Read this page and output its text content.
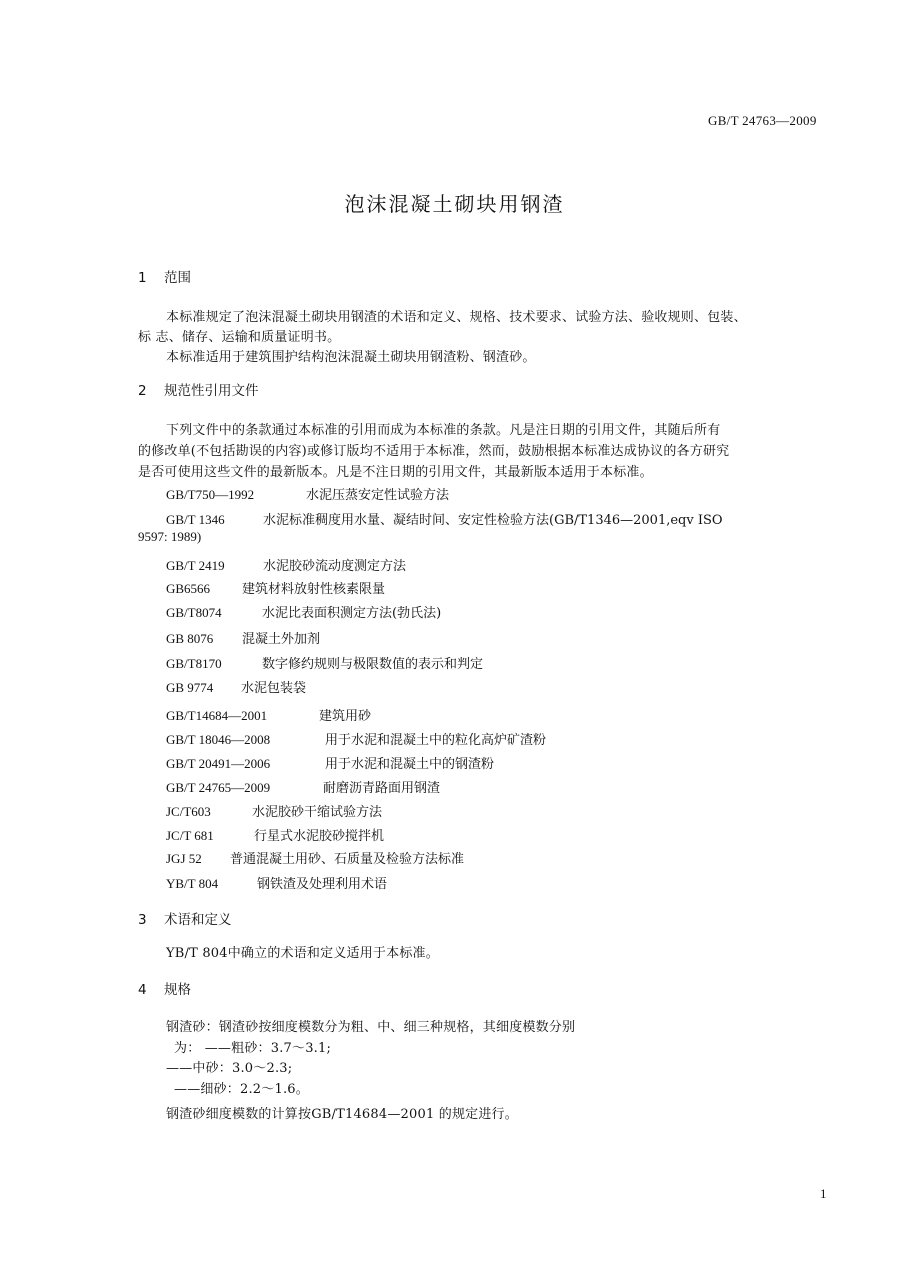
GB/T 24763—2009
泡沫混凝土砌块用钢渣
1 范围
本标准规定了泡沫混凝土砌块用钢渣的术语和定义、规格、技术要求、试验方法、验收规则、包装、
标 志、储存、运输和质量证明书。
本标准适用于建筑围护结构泡沫混凝土砌块用钢渣粉、钢渣砂。
2 规范性引用文件
下列文件中的条款通过本标准的引用而成为本标准的条款。凡是注日期的引用文件，其随后所有
的修改单(不包括勘误的内容)或修订版均不适用于本标准，然而，鼓励根据本标准达成协议的各方研究
是否可使用这些文件的最新版本。凡是不注日期的引用文件，其最新版本适用于本标准。
GB/T750—1992	水泥压蒸安定性试验方法
GB/T 1346	水泥标准稠度用水量、凝结时间、安定性检验方法(GB/T1346—2001,eqv ISO
9597: 1989)
GB/T 2419	水泥胶砂流动度测定方法
GB6566 建筑材料放射性核素限量
GB/T8074	水泥比表面积测定方法(勃氏法)
GB 8076 混凝土外加剂
GB/T8170	数字修约规则与极限数值的表示和判定
GB 9774 水泥包装袋
GB/T14684—2001	建筑用砂
GB/T 18046—2008	用于水泥和混凝土中的粒化高炉矿渣粉
GB/T 20491—2006	用于水泥和混凝土中的钢渣粉
GB/T 24765—2009	耐磨沥青路面用钢渣
JC/T603	水泥胶砂干缩试验方法
JC/T 681	行星式水泥胶砂搅拌机
JGJ 52 普通混凝土用砂、石质量及检验方法标准
YB/T 804	钢铁渣及处理利用术语
3 术语和定义
YB/T 804中确立的术语和定义适用于本标准。
4 规格
钢渣砂：钢渣砂按细度模数分为粗、中、细三种规格，其细度模数分别
为： ——粗砂：3.7～3.1;
——中砂：3.0～2.3;
——细砂：2.2～1.6。
钢渣砂细度模数的计算按GB/T14684—2001 的规定进行。
1
